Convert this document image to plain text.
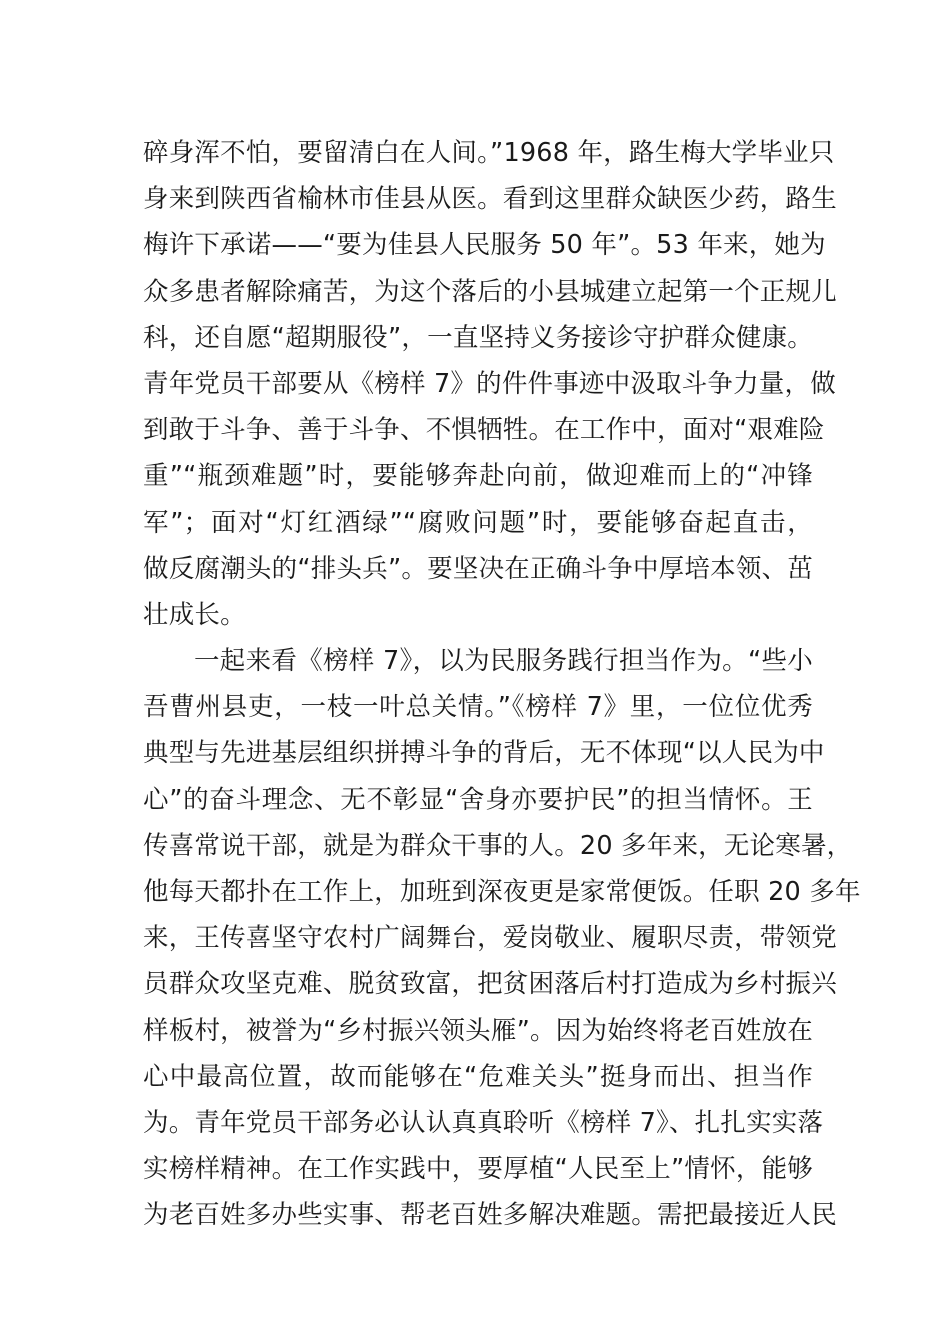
碎身浑不怕，要留清白在人间。”1968 年，路生梅大学毕业只
身来到陕西省榆林市佳县从医。看到这里群众缺医少药，路生
梅许下承诺——“要为佳县人民服务 50 年”。53 年来，她为
众多患者解除痛苦，为这个落后的小县城建立起第一个正规儿
科，还自愿“超期服役”，一直坚持义务接诊守护群众健康。
青年党员干部要从《榜样 7》的件件事迹中汲取斗争力量，做
到敢于斗争、善于斗争、不惧牺牲。在工作中，面对“艰难险
重”“瓶颈难题”时，要能够奔赴向前，做迎难而上的“冲锋
军”；面对“灯红酒绿”“腐败问题”时，要能够奋起直击，
做反腐潮头的“排头兵”。要坚决在正确斗争中厚培本领、茁
壮成长。
一起来看《榜样 7》，以为民服务践行担当作为。“些小
吾曹州县吏，一枝一叶总关情。”《榜样 7》里，一位位优秀
典型与先进基层组织拼搏斗争的背后，无不体现“以人民为中
心”的奋斗理念、无不彰显“舍身亦要护民”的担当情怀。王
传喜常说干部，就是为群众干事的人。20 多年来，无论寒暑，
他每天都扑在工作上，加班到深夜更是家常便饭。任职 20 多年
来，王传喜坚守农村广阔舞台，爱岗敬业、履职尽责，带领党
员群众攻坚克难、脱贫致富，把贫困落后村打造成为乡村振兴
样板村，被誉为“乡村振兴领头雁”。因为始终将老百姓放在
心中最高位置，故而能够在“危难关头”挺身而出、担当作
为。青年党员干部务必认认真真聆听《榜样 7》、扎扎实实落
实榜样精神。在工作实践中，要厚植“人民至上”情怀，能够
为老百姓多办些实事、帮老百姓多解决难题。需把最接近人民
